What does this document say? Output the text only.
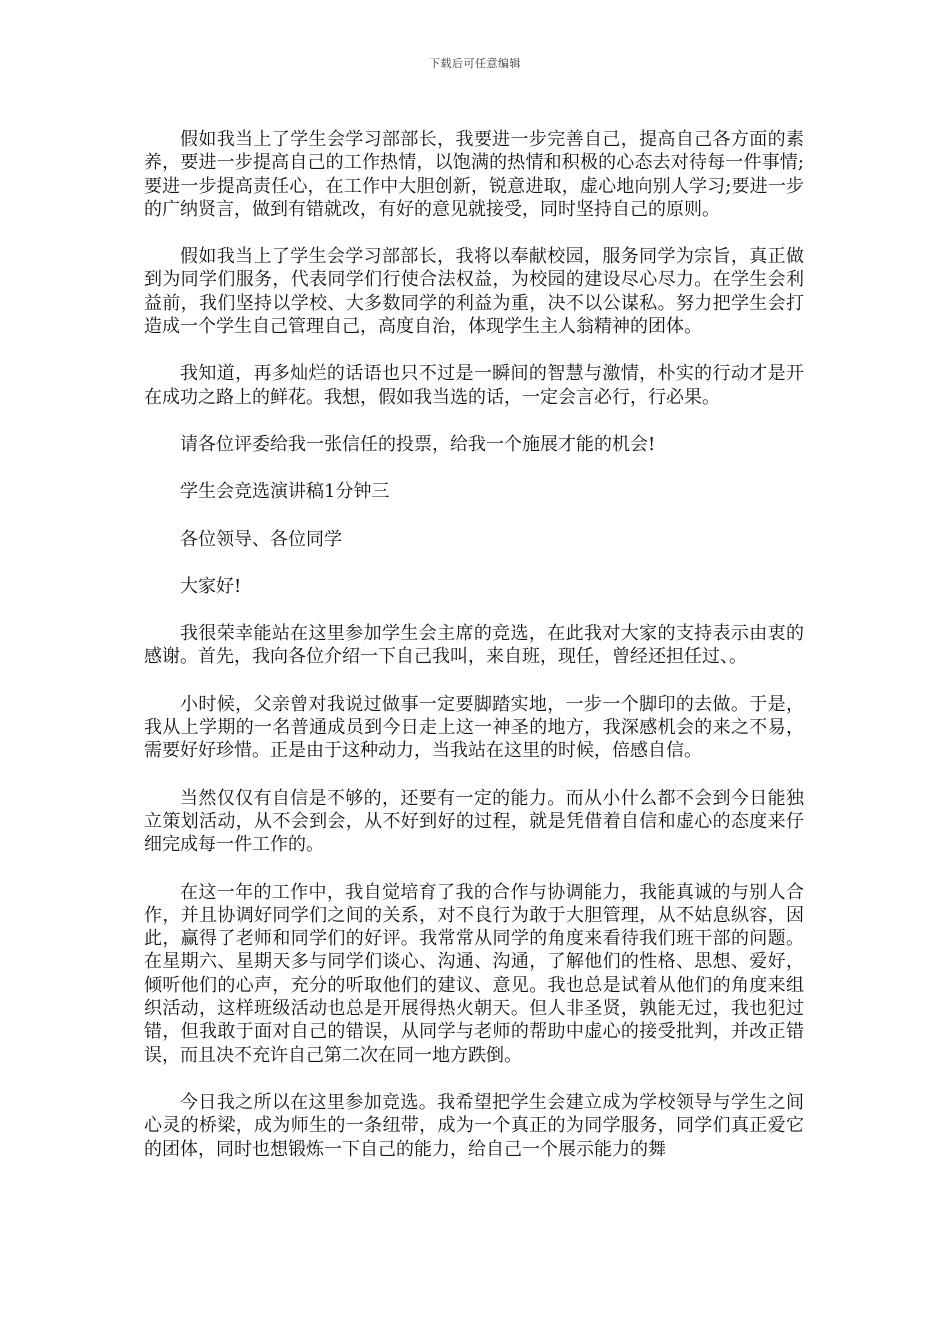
下载后可任意编辑

假如我当上了学生会学习部部长，我要进一步完善自己，提高自己各方面的素养，要进一步提高自己的工作热情，以饱满的热情和积极的心态去对待每一件事情;要进一步提高责任心，在工作中大胆创新，锐意进取，虚心地向别人学习;要进一步的广纳贤言，做到有错就改，有好的意见就接受，同时坚持自己的原则。

假如我当上了学生会学习部部长，我将以奉献校园，服务同学为宗旨，真正做到为同学们服务，代表同学们行使合法权益，为校园的建设尽心尽力。在学生会利益前，我们坚持以学校、大多数同学的利益为重，决不以公谋私。努力把学生会打造成一个学生自己管理自己，高度自治，体现学生主人翁精神的团体。

我知道，再多灿烂的话语也只不过是一瞬间的智慧与激情，朴实的行动才是开在成功之路上的鲜花。我想，假如我当选的话，一定会言必行，行必果。

请各位评委给我一张信任的投票，给我一个施展才能的机会!

学生会竞选演讲稿1分钟三

各位领导、各位同学

大家好!

我很荣幸能站在这里参加学生会主席的竞选，在此我对大家的支持表示由衷的感谢。首先，我向各位介绍一下自己我叫，来自班，现任，曾经还担任过、。

小时候，父亲曾对我说过做事一定要脚踏实地，一步一个脚印的去做。于是，我从上学期的一名普通成员到今日走上这一神圣的地方，我深感机会的来之不易，需要好好珍惜。正是由于这种动力，当我站在这里的时候，倍感自信。

当然仅仅有自信是不够的，还要有一定的能力。而从小什么都不会到今日能独立策划活动，从不会到会，从不好到好的过程，就是凭借着自信和虚心的态度来仔细完成每一件工作的。

在这一年的工作中，我自觉培育了我的合作与协调能力，我能真诚的与别人合作，并且协调好同学们之间的关系，对不良行为敢于大胆管理，从不姑息纵容，因此，赢得了老师和同学们的好评。我常常从同学的角度来看待我们班干部的问题。在星期六、星期天多与同学们谈心、沟通、沟通，了解他们的性格、思想、爱好，倾听他们的心声，充分的听取他们的建议、意见。我也总是试着从他们的角度来组织活动，这样班级活动也总是开展得热火朝天。但人非圣贤，孰能无过，我也犯过错，但我敢于面对自己的错误，从同学与老师的帮助中虚心的接受批判，并改正错误，而且决不充许自己第二次在同一地方跌倒。

今日我之所以在这里参加竞选。我希望把学生会建立成为学校领导与学生之间心灵的桥梁，成为师生的一条纽带，成为一个真正的为同学服务，同学们真正爱它的团体，同时也想锻炼一下自己的能力，给自己一个展示能力的舞
